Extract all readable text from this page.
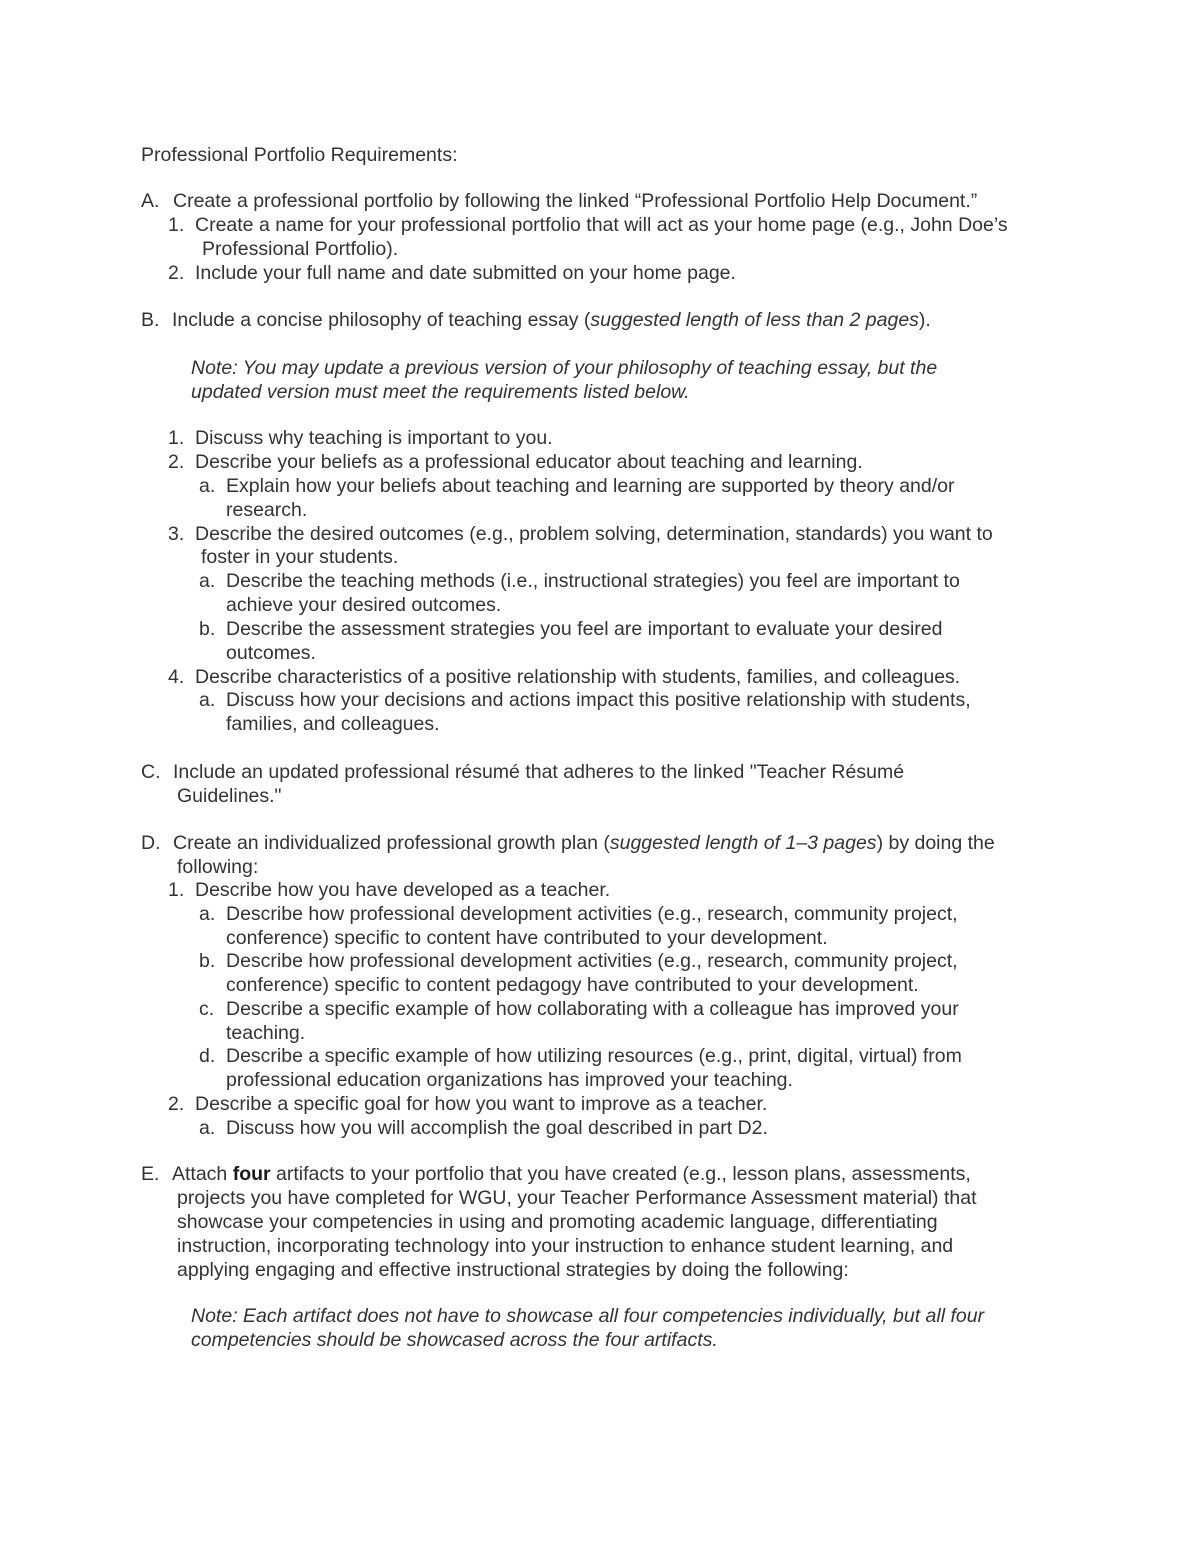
Professional Portfolio Requirements:
A. Create a professional portfolio by following the linked “Professional Portfolio Help Document.”
1. Create a name for your professional portfolio that will act as your home page (e.g., John Doe’s
Professional Portfolio).
2. Include your full name and date submitted on your home page.
B. Include a concise philosophy of teaching essay (suggested length of less than 2 pages).
Note: You may update a previous version of your philosophy of teaching essay, but the
updated version must meet the requirements listed below.
1. Discuss why teaching is important to you.
2. Describe your beliefs as a professional educator about teaching and learning.
a. Explain how your beliefs about teaching and learning are supported by theory and/or
research.
3. Describe the desired outcomes (e.g., problem solving, determination, standards) you want to
foster in your students.
a. Describe the teaching methods (i.e., instructional strategies) you feel are important to
achieve your desired outcomes.
b. Describe the assessment strategies you feel are important to evaluate your desired
outcomes.
4. Describe characteristics of a positive relationship with students, families, and colleagues.
a. Discuss how your decisions and actions impact this positive relationship with students,
families, and colleagues.
C. Include an updated professional résumé that adheres to the linked "Teacher Résumé
Guidelines."
D. Create an individualized professional growth plan (suggested length of 1–3 pages) by doing the
following:
1. Describe how you have developed as a teacher.
a. Describe how professional development activities (e.g., research, community project,
conference) specific to content have contributed to your development.
b. Describe how professional development activities (e.g., research, community project,
conference) specific to content pedagogy have contributed to your development.
c. Describe a specific example of how collaborating with a colleague has improved your
teaching.
d. Describe a specific example of how utilizing resources (e.g., print, digital, virtual) from
professional education organizations has improved your teaching.
2. Describe a specific goal for how you want to improve as a teacher.
a. Discuss how you will accomplish the goal described in part D2.
E. Attach four artifacts to your portfolio that you have created (e.g., lesson plans, assessments,
projects you have completed for WGU, your Teacher Performance Assessment material) that
showcase your competencies in using and promoting academic language, differentiating
instruction, incorporating technology into your instruction to enhance student learning, and
applying engaging and effective instructional strategies by doing the following:
Note: Each artifact does not have to showcase all four competencies individually, but all four
competencies should be showcased across the four artifacts.
